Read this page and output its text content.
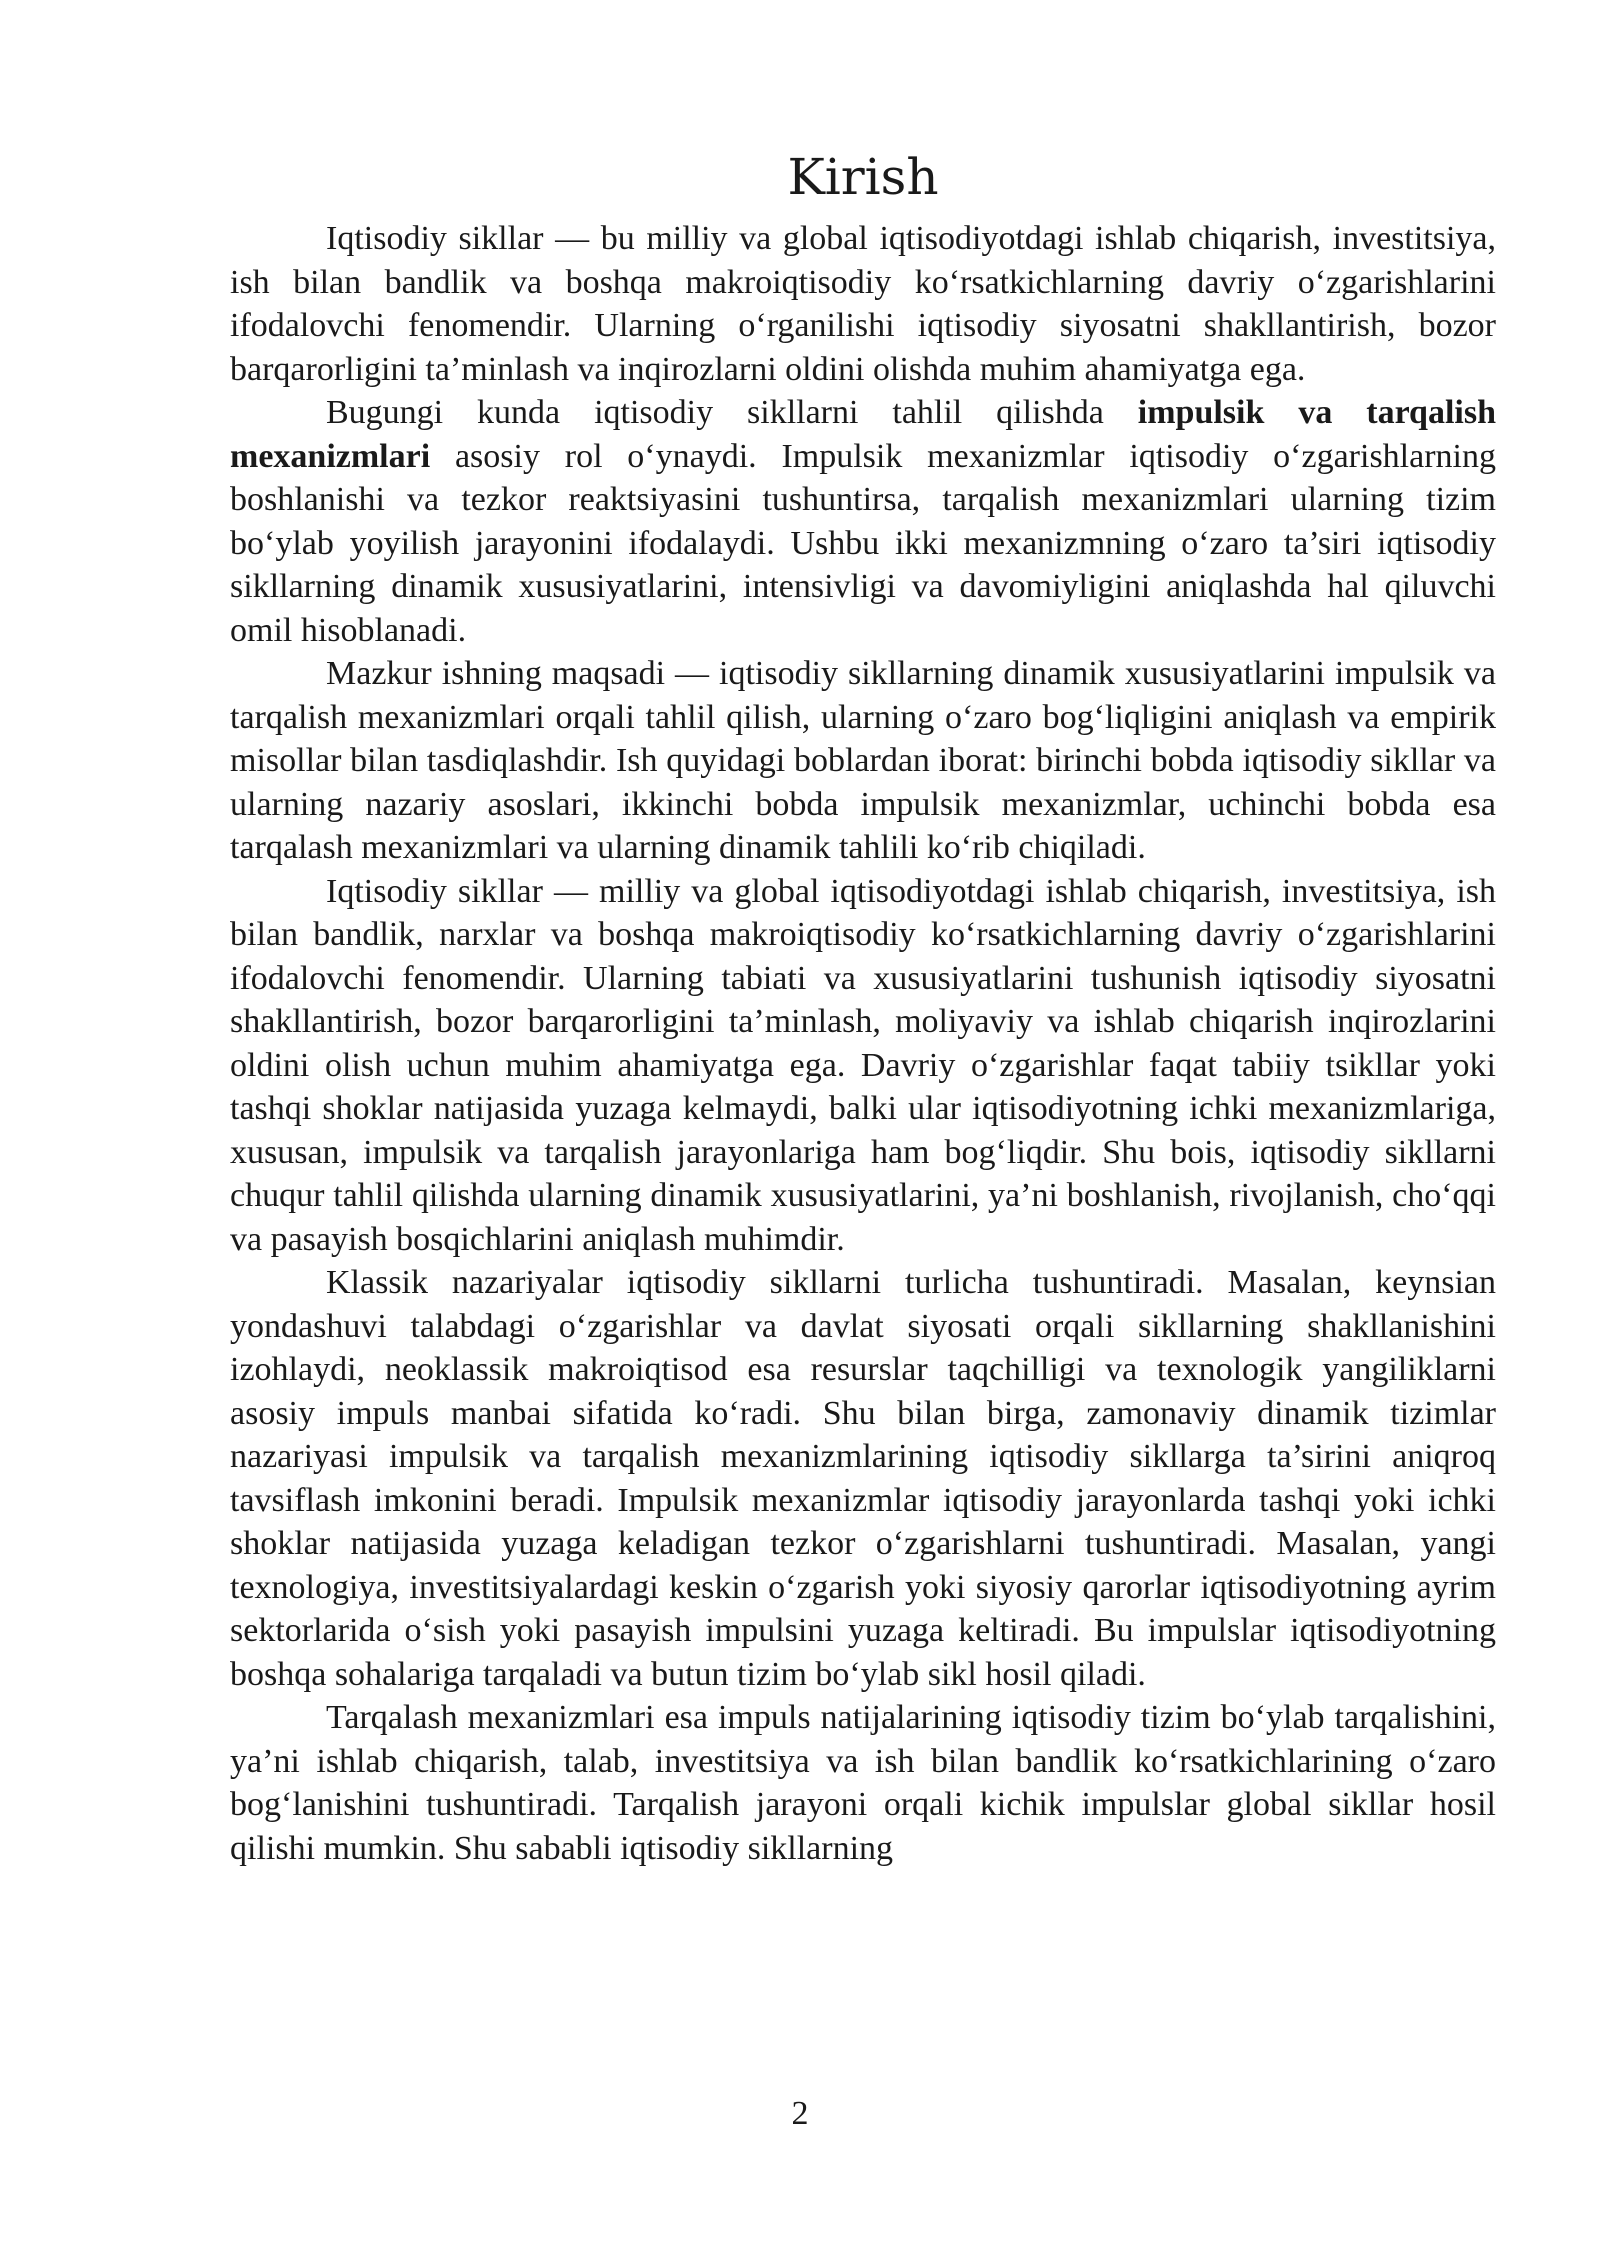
Kirish

Iqtisodiy sikllar — bu milliy va global iqtisodiyotdagi ishlab chiqarish, investitsiya, ish bilan bandlik va boshqa makroiqtisodiy ko‘rsatkichlarning davriy o‘zgarishlarini ifodalovchi fenomendir. Ularning o‘rganilishi iqtisodiy siyosatni shakllantirish, bozor barqarorligini ta’minlash va inqirozlarni oldini olishda muhim ahamiyatga ega.

Bugungi kunda iqtisodiy sikllarni tahlil qilishda impulsik va tarqalish mexanizmlari asosiy rol o‘ynaydi. Impulsik mexanizmlar iqtisodiy o‘zgarishlarning boshlanishi va tezkor reaktsiyasini tushuntirsa, tarqalish mexanizmlari ularning tizim bo‘ylab yoyilish jarayonini ifodalaydi. Ushbu ikki mexanizmning o‘zaro ta’siri iqtisodiy sikllarning dinamik xususiyatlarini, intensivligi va davomiyligini aniqlashda hal qiluvchi omil hisoblanadi.

Mazkur ishning maqsadi — iqtisodiy sikllarning dinamik xususiyatlarini impulsik va tarqalish mexanizmlari orqali tahlil qilish, ularning o‘zaro bog‘liqligini aniqlash va empirik misollar bilan tasdiqlashdir. Ish quyidagi boblardan iborat: birinchi bobda iqtisodiy sikllar va ularning nazariy asoslari, ikkinchi bobda impulsik mexanizmlar, uchinchi bobda esa tarqalash mexanizmlari va ularning dinamik tahlili ko‘rib chiqiladi.

Iqtisodiy sikllar — milliy va global iqtisodiyotdagi ishlab chiqarish, investitsiya, ish bilan bandlik, narxlar va boshqa makroiqtisodiy ko‘rsatkichlarning davriy o‘zgarishlarini ifodalovchi fenomendir. Ularning tabiati va xususiyatlarini tushunish iqtisodiy siyosatni shakllantirish, bozor barqarorligini ta’minlash, moliyaviy va ishlab chiqarish inqirozlarini oldini olish uchun muhim ahamiyatga ega. Davriy o‘zgarishlar faqat tabiiy tsikllar yoki tashqi shoklar natijasida yuzaga kelmaydi, balki ular iqtisodiyotning ichki mexanizmlariga, xususan, impulsik va tarqalish jarayonlariga ham bog‘liqdir. Shu bois, iqtisodiy sikllarni chuqur tahlil qilishda ularning dinamik xususiyatlarini, ya’ni boshlanish, rivojlanish, cho‘qqi va pasayish bosqichlarini aniqlash muhimdir.

Klassik nazariyalar iqtisodiy sikllarni turlicha tushuntiradi. Masalan, keynsian yondashuvi talabdagi o‘zgarishlar va davlat siyosati orqali sikllarning shakllanishini izohlaydi, neoklassik makroiqtisod esa resurslar taqchilligi va texnologik yangiliklarni asosiy impuls manbai sifatida ko‘radi. Shu bilan birga, zamonaviy dinamik tizimlar nazariyasi impulsik va tarqalish mexanizmlarining iqtisodiy sikllarga ta’sirini aniqroq tavsiflash imkonini beradi. Impulsik mexanizmlar iqtisodiy jarayonlarda tashqi yoki ichki shoklar natijasida yuzaga keladigan tezkor o‘zgarishlarni tushuntiradi. Masalan, yangi texnologiya, investitsiyalardagi keskin o‘zgarish yoki siyosiy qarorlar iqtisodiyotning ayrim sektorlarida o‘sish yoki pasayish impulsini yuzaga keltiradi. Bu impulslar iqtisodiyotning boshqa sohalariga tarqaladi va butun tizim bo‘ylab sikl hosil qiladi.

Tarqalash mexanizmlari esa impuls natijalarining iqtisodiy tizim bo‘ylab tarqalishini, ya’ni ishlab chiqarish, talab, investitsiya va ish bilan bandlik ko‘rsatkichlarining o‘zaro bog‘lanishini tushuntiradi. Tarqalish jarayoni orqali kichik impulslar global sikllar hosil qilishi mumkin. Shu sababli iqtisodiy sikllarning

2
